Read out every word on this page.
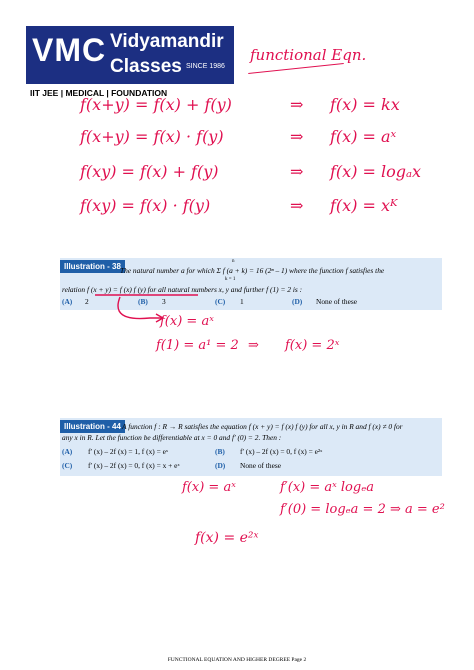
VMC Vidyamandir
Classes SINCE 1986
IIT JEE | MEDICAL | FOUNDATION
functional Eqn.
f(x+y) = f(x) + f(y)	⇒ f(x) = kx
f(x+y) = f(x) · f(y)	⇒ f(x) = aˣ
f(xy) = f(x) + f(y)	⇒ f(x) = logₐx
f(xy) = f(x) · f(y)	⇒ f(x) = xᴷ
Illustration - 38 The natural number a for which Σ f (a + k) = 16 (2ⁿ – 1) where the function f satisfies the
n
k = 1
relation f (x + y) = f (x) f (y) for all natural numbers x, y and further f (1) = 2 is :
(A) 2	(B) 3	(C) 1	(D) None of these
f(x) = aˣ
f(1) = a¹ = 2 ⇒ f(x) = 2ˣ
Illustration - 44 A function f : R → R satisfies the equation f (x + y) = f (x) f (y) for all x, y in R and f (x) ≠ 0 for
any x in R. Let the function be differentiable at x = 0 and f′ (0) = 2. Then :
(A) f′ (x) – 2f (x) = 1, f (x) = eˣ	(B) f′ (x) – 2f (x) = 0, f (x) = e²ˣ
(C) f′ (x) – 2f (x) = 0, f (x) = x + eˣ	(D) None of these
f(x) = aˣ	f′(x) = aˣ logₑa
f′(0) = logₑa = 2 ⇒ a = e²
f(x) = e²ˣ
FUNCTIONAL EQUATION AND HIGHER DEGREE Page 2
